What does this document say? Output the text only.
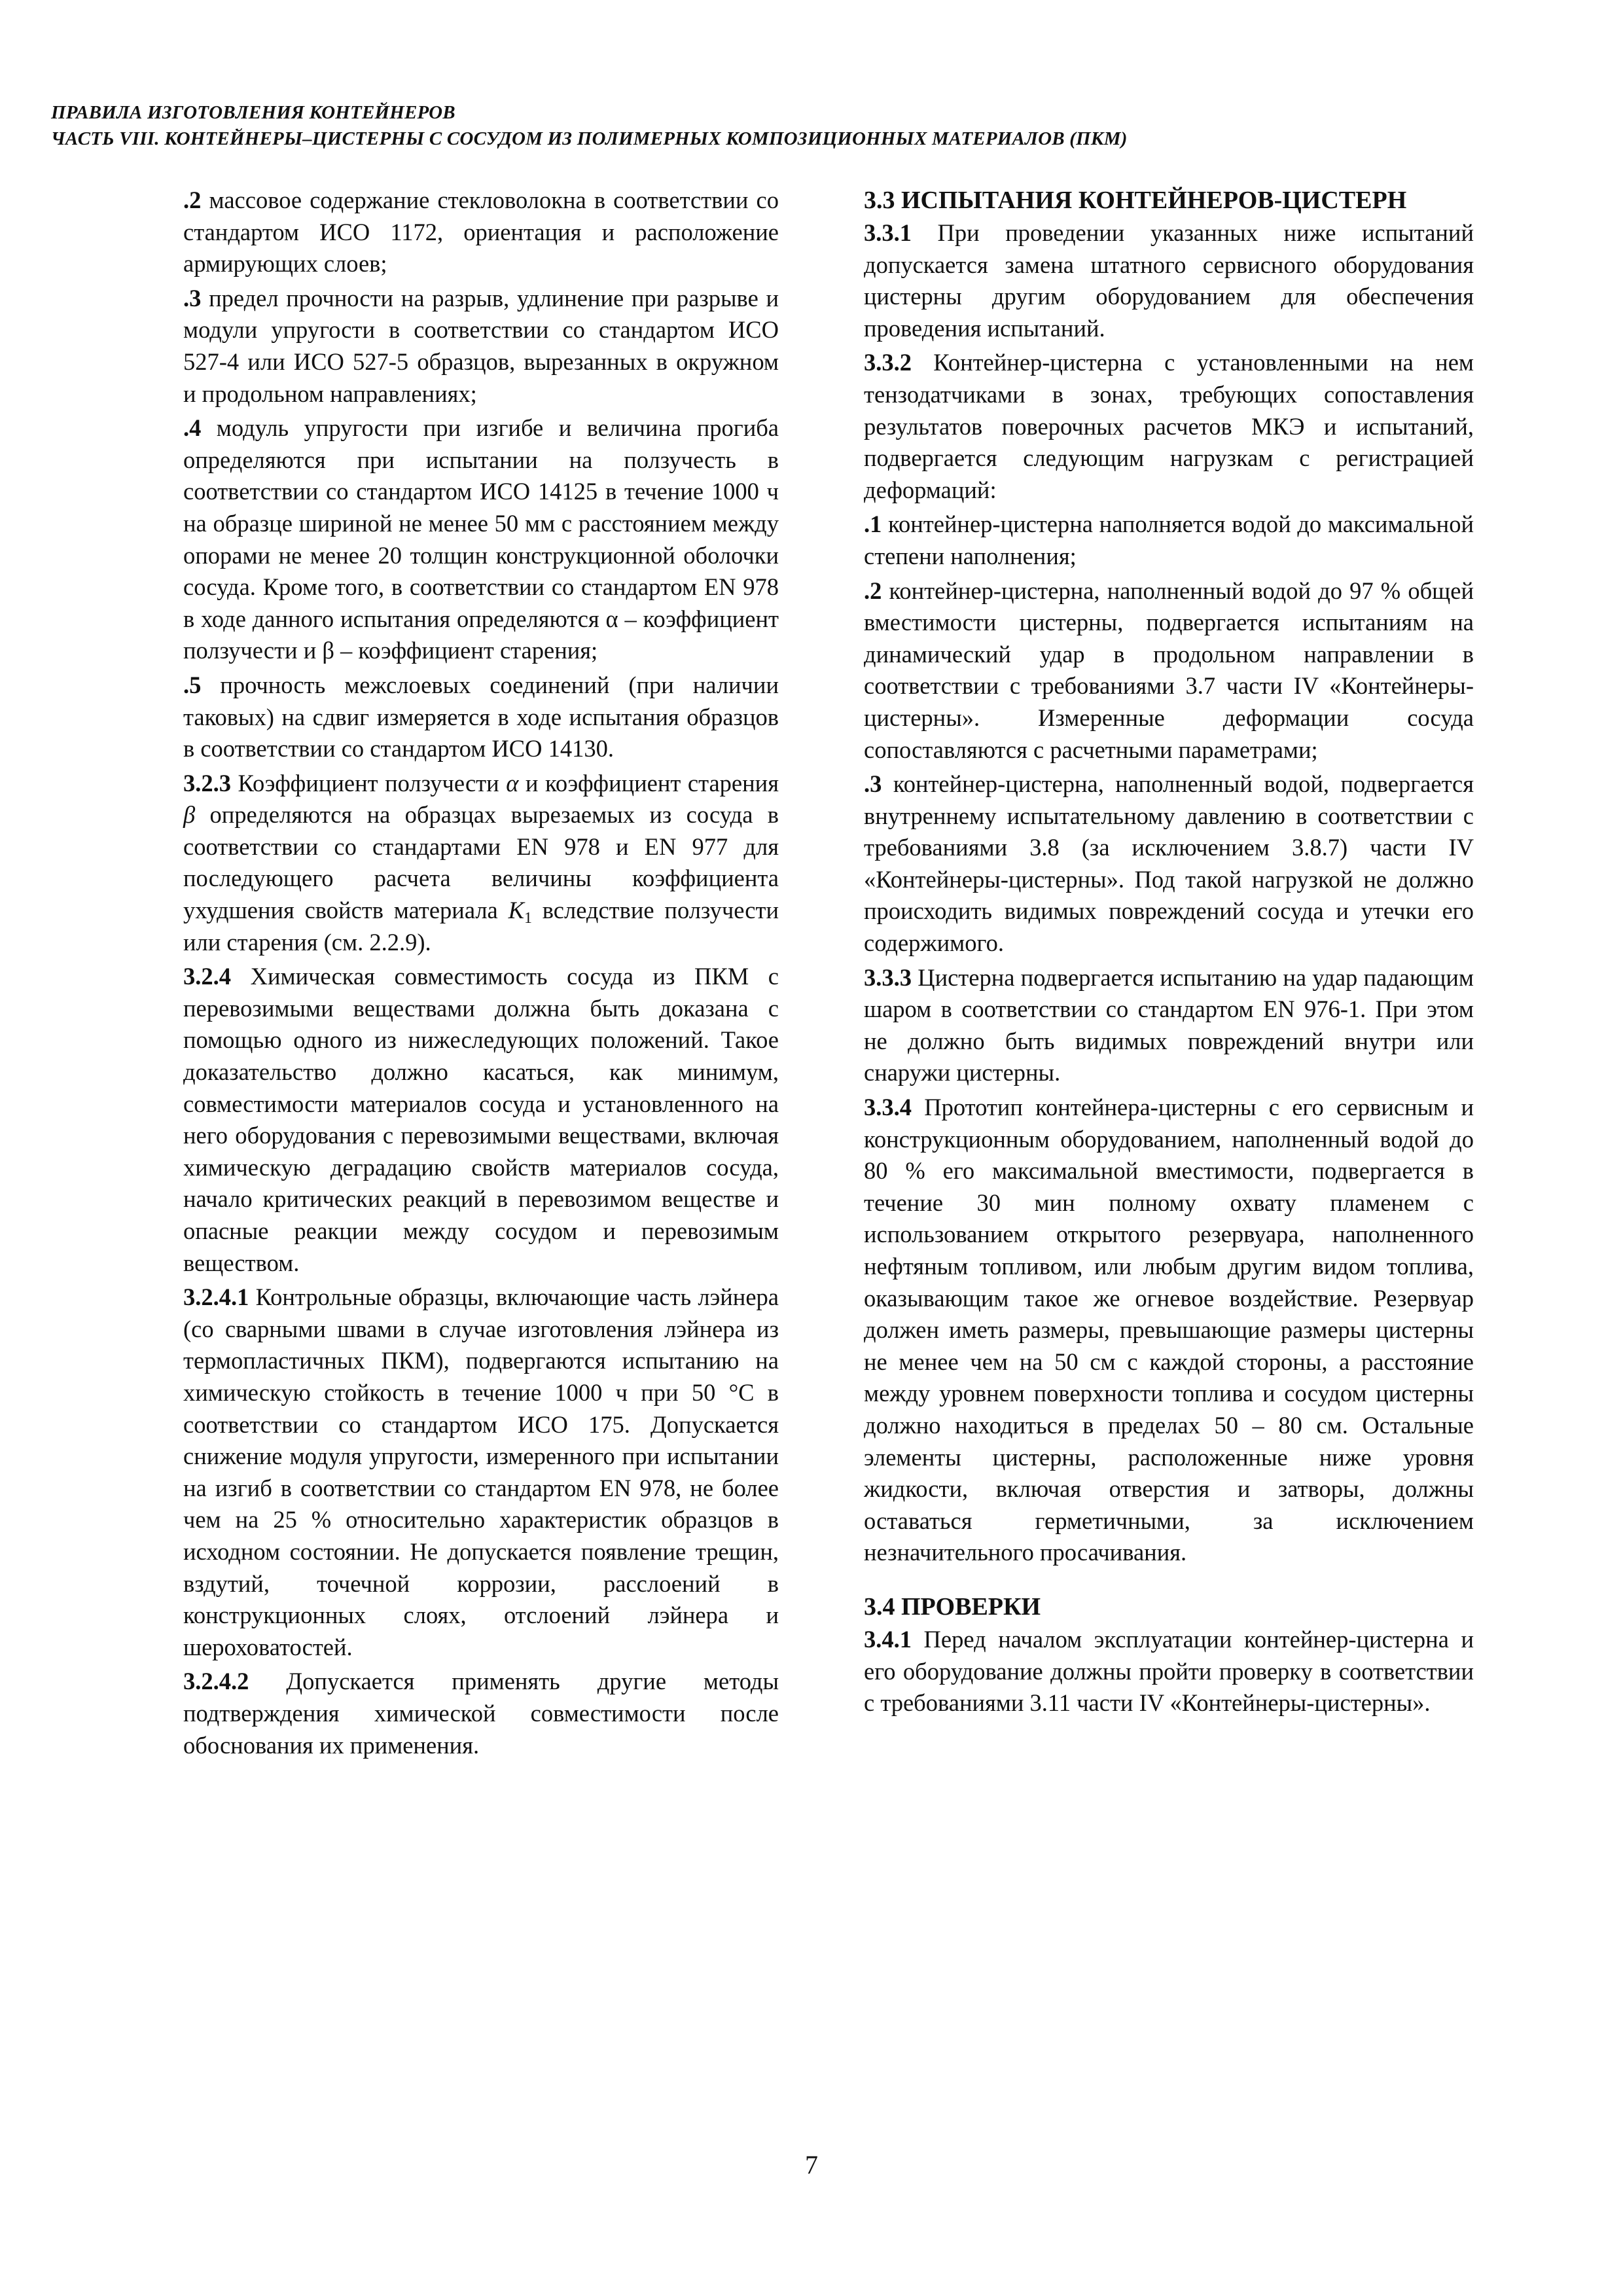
ПРАВИЛА ИЗГОТОВЛЕНИЯ КОНТЕЙНЕРОВ
ЧАСТЬ VIII. КОНТЕЙНЕРЫ–ЦИСТЕРНЫ С СОСУДОМ ИЗ ПОЛИМЕРНЫХ КОМПОЗИЦИОННЫХ МАТЕРИАЛОВ (ПКМ)

.2 массовое содержание стекловолокна в соответствии со стандартом ИСО 1172, ориентация и расположение армирующих слоев;

.3 предел прочности на разрыв, удлинение при разрыве и модули упругости в соответствии со стандартом ИСО 527-4 или ИСО 527-5 образцов, вырезанных в окружном и продольном направлениях;

.4 модуль упругости при изгибе и величина прогиба определяются при испытании на ползучесть в соответствии со стандартом ИСО 14125 в течение 1000 ч на образце шириной не менее 50 мм с расстоянием между опорами не менее 20 толщин конструкционной оболочки сосуда. Кроме того, в соответствии со стандартом EN 978 в ходе данного испытания определяются α – коэффициент ползучести и β – коэффициент старения;

.5 прочность межслоевых соединений (при наличии таковых) на сдвиг измеряется в ходе испытания образцов в соответствии со стандартом ИСО 14130.

3.2.3 Коэффициент ползучести α и коэффициент старения β определяются на образцах вырезаемых из сосуда в соответствии со стандартами EN 978 и EN 977 для последующего расчета величины коэффициента ухудшения свойств материала $K_1$ вследствие ползучести или старения (см. 2.2.9).

3.2.4 Химическая совместимость сосуда из ПКМ с перевозимыми веществами должна быть доказана с помощью одного из нижеследующих положений. Такое доказательство должно касаться, как минимум, совместимости материалов сосуда и установленного на него оборудования с перевозимыми веществами, включая химическую деградацию свойств материалов сосуда, начало критических реакций в перевозимом веществе и опасные реакции между сосудом и перевозимым веществом.

3.2.4.1 Контрольные образцы, включающие часть лэйнера (со сварными швами в случае изготовления лэйнера из термопластичных ПКМ), подвергаются испытанию на химическую стойкость в течение 1000 ч при 50 °C в соответствии со стандартом ИСО 175. Допускается снижение модуля упругости, измеренного при испытании на изгиб в соответствии со стандартом EN 978, не более чем на 25 % относительно характеристик образцов в исходном состоянии. Не допускается появление трещин, вздутий, точечной коррозии, расслоений в конструкционных слоях, отслоений лэйнера и шероховатостей.

3.2.4.2 Допускается применять другие методы подтверждения химической совместимости после обоснования их применения.

3.3 ИСПЫТАНИЯ КОНТЕЙНЕРОВ-ЦИСТЕРН

3.3.1 При проведении указанных ниже испытаний допускается замена штатного сервисного оборудования цистерны другим оборудованием для обеспечения проведения испытаний.

3.3.2 Контейнер-цистерна с установленными на нем тензодатчиками в зонах, требующих сопоставления результатов поверочных расчетов МКЭ и испытаний, подвергается следующим нагрузкам с регистрацией деформаций:

.1 контейнер-цистерна наполняется водой до максимальной степени наполнения;

.2 контейнер-цистерна, наполненный водой до 97 % общей вместимости цистерны, подвергается испытаниям на динамический удар в продольном направлении в соответствии с требованиями 3.7 части IV «Контейнеры-цистерны». Измеренные деформации сосуда сопоставляются с расчетными параметрами;

.3 контейнер-цистерна, наполненный водой, подвергается внутреннему испытательному давлению в соответствии с требованиями 3.8 (за исключением 3.8.7) части IV «Контейнеры-цистерны». Под такой нагрузкой не должно происходить видимых повреждений сосуда и утечки его содержимого.

3.3.3 Цистерна подвергается испытанию на удар падающим шаром в соответствии со стандартом EN 976-1. При этом не должно быть видимых повреждений внутри или снаружи цистерны.

3.3.4 Прототип контейнера-цистерны с его сервисным и конструкционным оборудованием, наполненный водой до 80 % его максимальной вместимости, подвергается в течение 30 мин полному охвату пламенем с использованием открытого резервуара, наполненного нефтяным топливом, или любым другим видом топлива, оказывающим такое же огневое воздействие. Резервуар должен иметь размеры, превышающие размеры цистерны не менее чем на 50 см с каждой стороны, а расстояние между уровнем поверхности топлива и сосудом цистерны должно находиться в пределах 50 – 80 см. Остальные элементы цистерны, расположенные ниже уровня жидкости, включая отверстия и затворы, должны оставаться герметичными, за исключением незначительного просачивания.

3.4 ПРОВЕРКИ

3.4.1 Перед началом эксплуатации контейнер-цистерна и его оборудование должны пройти проверку в соответствии с требованиями 3.11 части IV «Контейнеры-цистерны».

7
